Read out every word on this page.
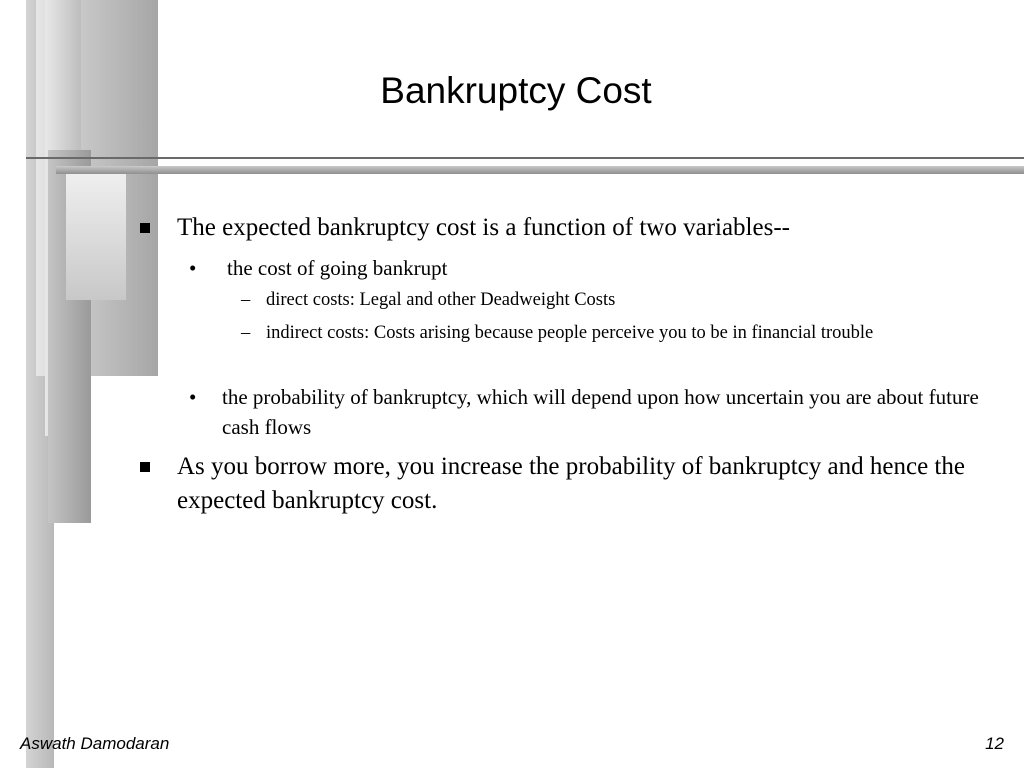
Bankruptcy Cost
The expected bankruptcy cost is a function of two variables--
• the cost of going bankrupt
– direct costs: Legal and other Deadweight Costs
– indirect costs: Costs arising because people perceive you to be in financial trouble
• the probability of bankruptcy, which will depend upon how uncertain you are about future cash flows
As you borrow more, you increase the probability of bankruptcy and hence the expected bankruptcy cost.
Aswath Damodaran	12
